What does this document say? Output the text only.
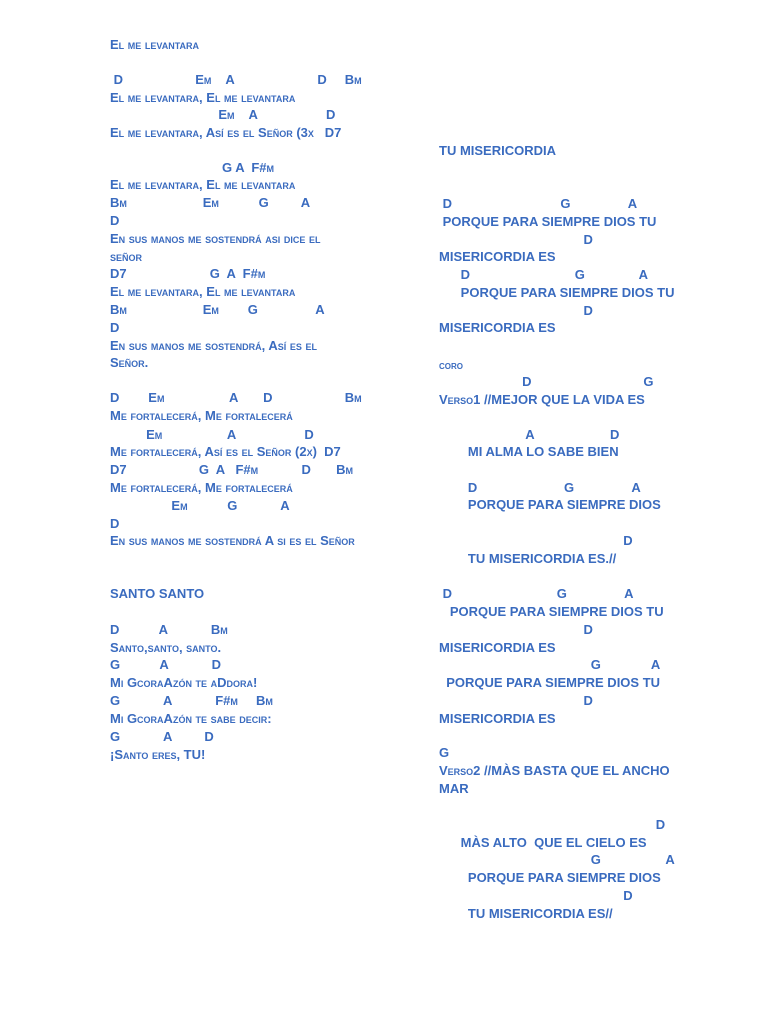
El me levantara

D                    Em    A                       D     Bm

El me levantara, El me levantara

Em    A                   D

El me levantara, Así es el Señor (3x   D7

G A  F#m

El me levantara, El me levantara

Bm                     Em           G         A

D

En sus manos me sostendrá asi dice el

señor

D7                       G  A  F#m

El me levantara, El me levantara

Bm                     Em        G                A

D

En sus manos me sostendrá, Así es el

Señor.

D        Em                  A       D                    Bm

Me fortalecerá, Me fortalecerá

Em                  A                   D

Me fortalecerá, Así es el Señor (2x)  D7

D7                    G  A   F#m            D       Bm

Me fortalecerá, Me fortalecerá

Em           G            A

D

En sus manos me sostendrá A si es el Señor

SANTO SANTO

D           A            Bm

Santo,santo, santo.

G           A            D

Mi GcoraAzón te aDdora!

G            A            F#m     Bm

Mi GcoraAzón te sabe decir:

G            A         D

¡Santo eres, TU!

TU MISERICORDIA

D                              G                A

PORQUE PARA SIEMPRE DIOS TU

D

MISERICORDIA ES

D                             G               A

PORQUE PARA SIEMPRE DIOS TU

D

MISERICORDIA ES

coro

D                               G

Verso1 //MEJOR QUE LA VIDA ES

A                     D

MI ALMA LO SABE BIEN

D                        G                A

PORQUE PARA SIEMPRE DIOS

D

TU MISERICORDIA ES.//

D                             G                A

PORQUE PARA SIEMPRE DIOS TU

D

MISERICORDIA ES

G              A

PORQUE PARA SIEMPRE DIOS TU

D

MISERICORDIA ES

G

Verso2 //MÀS BASTA QUE EL ANCHO

MAR

D

MÀS ALTO  QUE EL CIELO ES

G                  A

PORQUE PARA SIEMPRE DIOS

D

TU MISERICORDIA ES//
